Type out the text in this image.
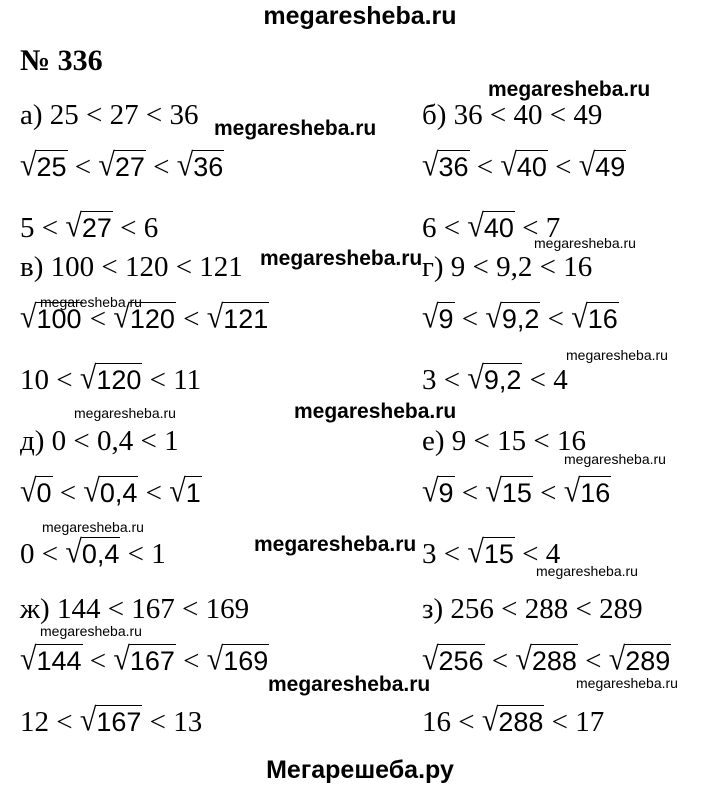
megaresheba.ru
№ 336
а) 25 < 27 < 36
√25 < √27 < √36
5 < √27 < 6
б) 36 < 40 < 49
√36 < √40 < √49
6 < √40 < 7
в) 100 < 120 < 121
√100 < √120 < √121
10 < √120 < 11
г) 9 < 9,2 < 16
√9 < √9,2 < √16
3 < √9,2 < 4
д) 0 < 0,4 < 1
√0 < √0,4 < √1
0 < √0,4 < 1
е) 9 < 15 < 16
√9 < √15 < √16
3 < √15 < 4
ж) 144 < 167 < 169
√144 < √167 < √169
12 < √167 < 13
з) 256 < 288 < 289
√256 < √288 < √289
16 < √288 < 17
Мегарешеба.ру
megaresheba.ru
megaresheba.ru
megaresheba.ru
megaresheba.ru
megaresheba.ru
megaresheba.ru
megaresheba.ru
megaresheba.ru
megaresheba.ru
megaresheba.ru
megaresheba.ru
megaresheba.ru
megaresheba.ru
megaresheba.ru
megaresheba.ru
